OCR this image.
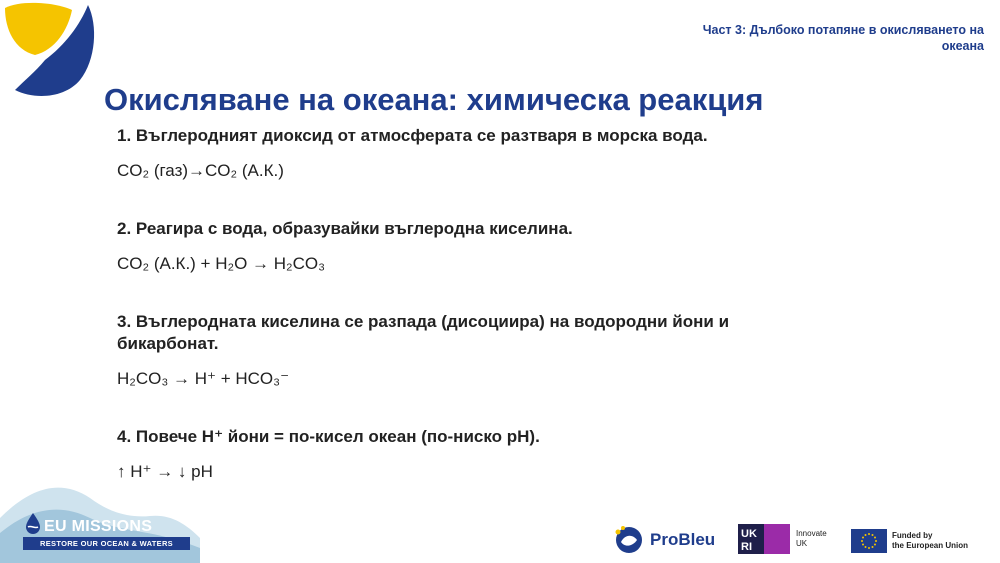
Част 3: Дълбоко потапяне в окисляването на
океана
Окисляване на океана: химическа реакция
1. Въглеродният диоксид от атмосферата се разтваря в морска вода.
CO₂ (газ)→CO₂ (А.К.)
2. Реагира с вода, образувайки въглеродна киселина.
CO₂ (А.К.) + H₂O → H₂CO₃
3. Въглеродната киселина се разпада (дисоциира) на водородни йони и
бикарбонат.
H₂CO₃ → H⁺ + HCO₃⁻
4. Повече H⁺ йони = по-кисел океан (по-ниско pH).
↑ H⁺ → ↓ pH
EU MISSIONS
RESTORE OUR OCEAN & WATERS	ProBleu UK
RI
Innovate
UK
Funded by
the European Union
